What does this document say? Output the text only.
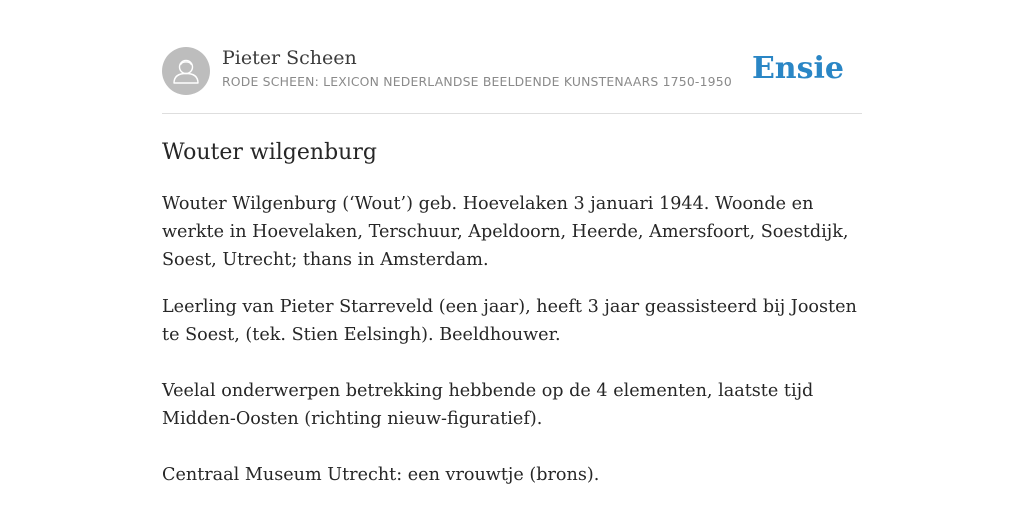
Pieter Scheen
RODE SCHEEN: LEXICON NEDERLANDSE BEELDENDE KUNSTENAARS 1750-1950 Ensie
Wouter wilgenburg

Wouter Wilgenburg (‘Wout’) geb. Hoevelaken 3 januari 1944. Woonde en werkte in Hoevelaken, Terschuur, Apeldoorn, Heerde, Amersfoort, Soestdijk, Soest, Utrecht; thans in Amsterdam.

Leerling van Pieter Starreveld (een jaar), heeft 3 jaar geassisteerd bij Joosten te Soest, (tek. Stien Eelsingh). Beeldhouwer.

Veelal onderwerpen betrekking hebbende op de 4 elementen, laatste tijd Midden-Oosten (richting nieuw-figuratief).

Centraal Museum Utrecht: een vrouwtje (brons).
